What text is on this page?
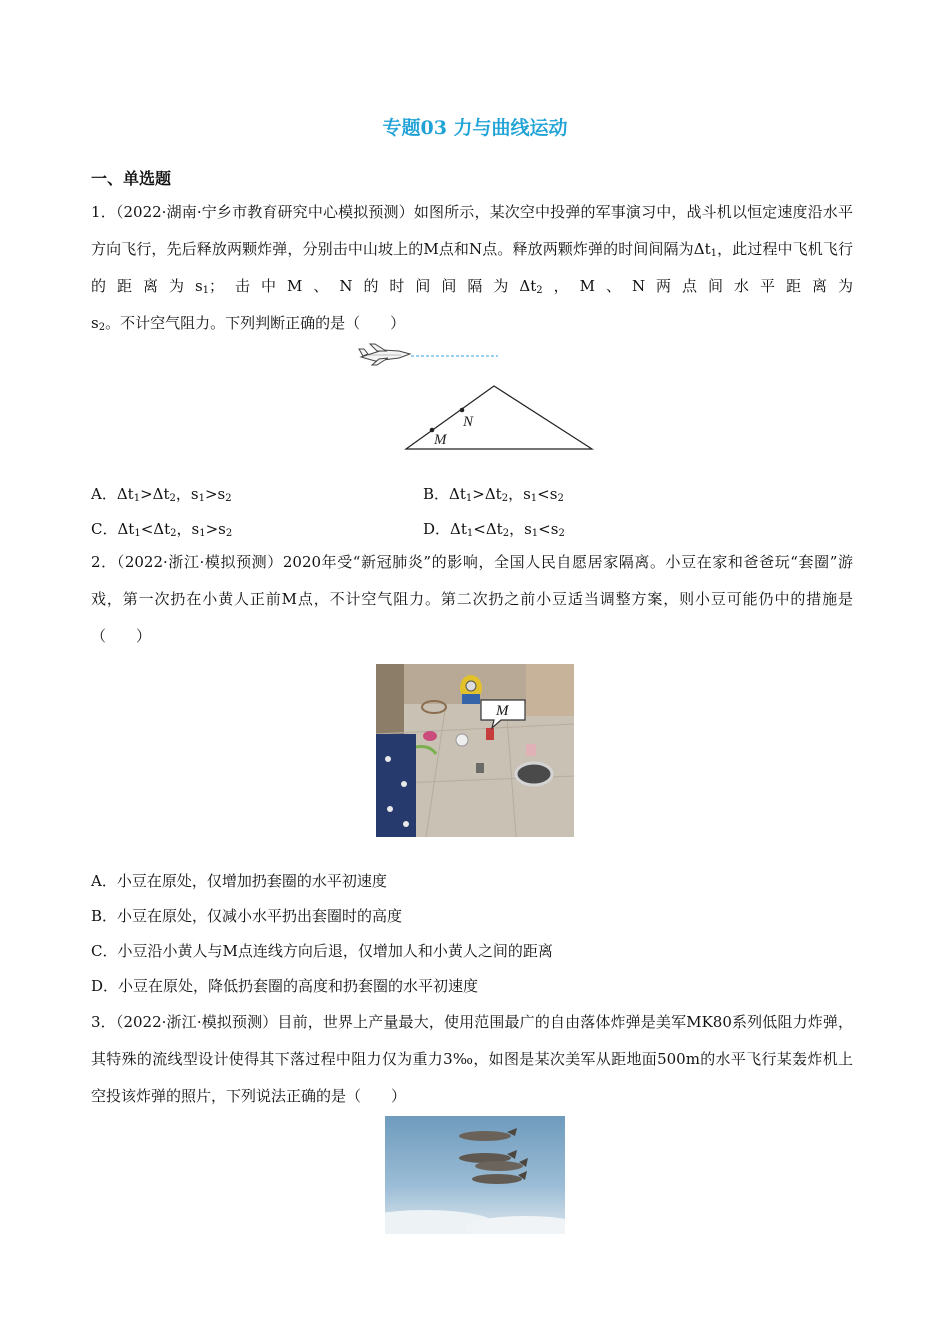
专题03 力与曲线运动
一、单选题
1．（2022·湖南·宁乡市教育研究中心模拟预测）如图所示，某次空中投弹的军事演习中，战斗机以恒定速度沿水平方向飞行，先后释放两颗炸弹，分别击中山坡上的M点和N点。释放两颗炸弹的时间间隔为$\Delta t_1$，此过程中飞机飞行的距离为$s_1$；击中M、N的时间间隔为$\Delta t_2$，M、N两点间水平距离为$s_2$。不计空气阻力。下列判断正确的是（　　）
N
M
A．$\Delta t_1>\Delta t_2$，$s_1>s_2$	B．$\Delta t_1>\Delta t_2$，$s_1<s_2$
C．$\Delta t_1<\Delta t_2$，$s_1>s_2$	D．$\Delta t_1<\Delta t_2$，$s_1<s_2$
2．（2022·浙江·模拟预测）2020年受“新冠肺炎”的影响，全国人民自愿居家隔离。小豆在家和爸爸玩“套圈”游戏，第一次扔在小黄人正前M点，不计空气阻力。第二次扔之前小豆适当调整方案，则小豆可能仍中的措施是（　　）
M
A．小豆在原处，仅增加扔套圈的水平初速度
B．小豆在原处，仅减小水平扔出套圈时的高度
C．小豆沿小黄人与M点连线方向后退，仅增加人和小黄人之间的距离
D．小豆在原处，降低扔套圈的高度和扔套圈的水平初速度
3．（2022·浙江·模拟预测）目前，世界上产量最大，使用范围最广的自由落体炸弹是美军MK80系列低阻力炸弹，其特殊的流线型设计使得其下落过程中阻力仅为重力3‰，如图是某次美军从距地面500m的水平飞行某轰炸机上空投该炸弹的照片，下列说法正确的是（　　）
